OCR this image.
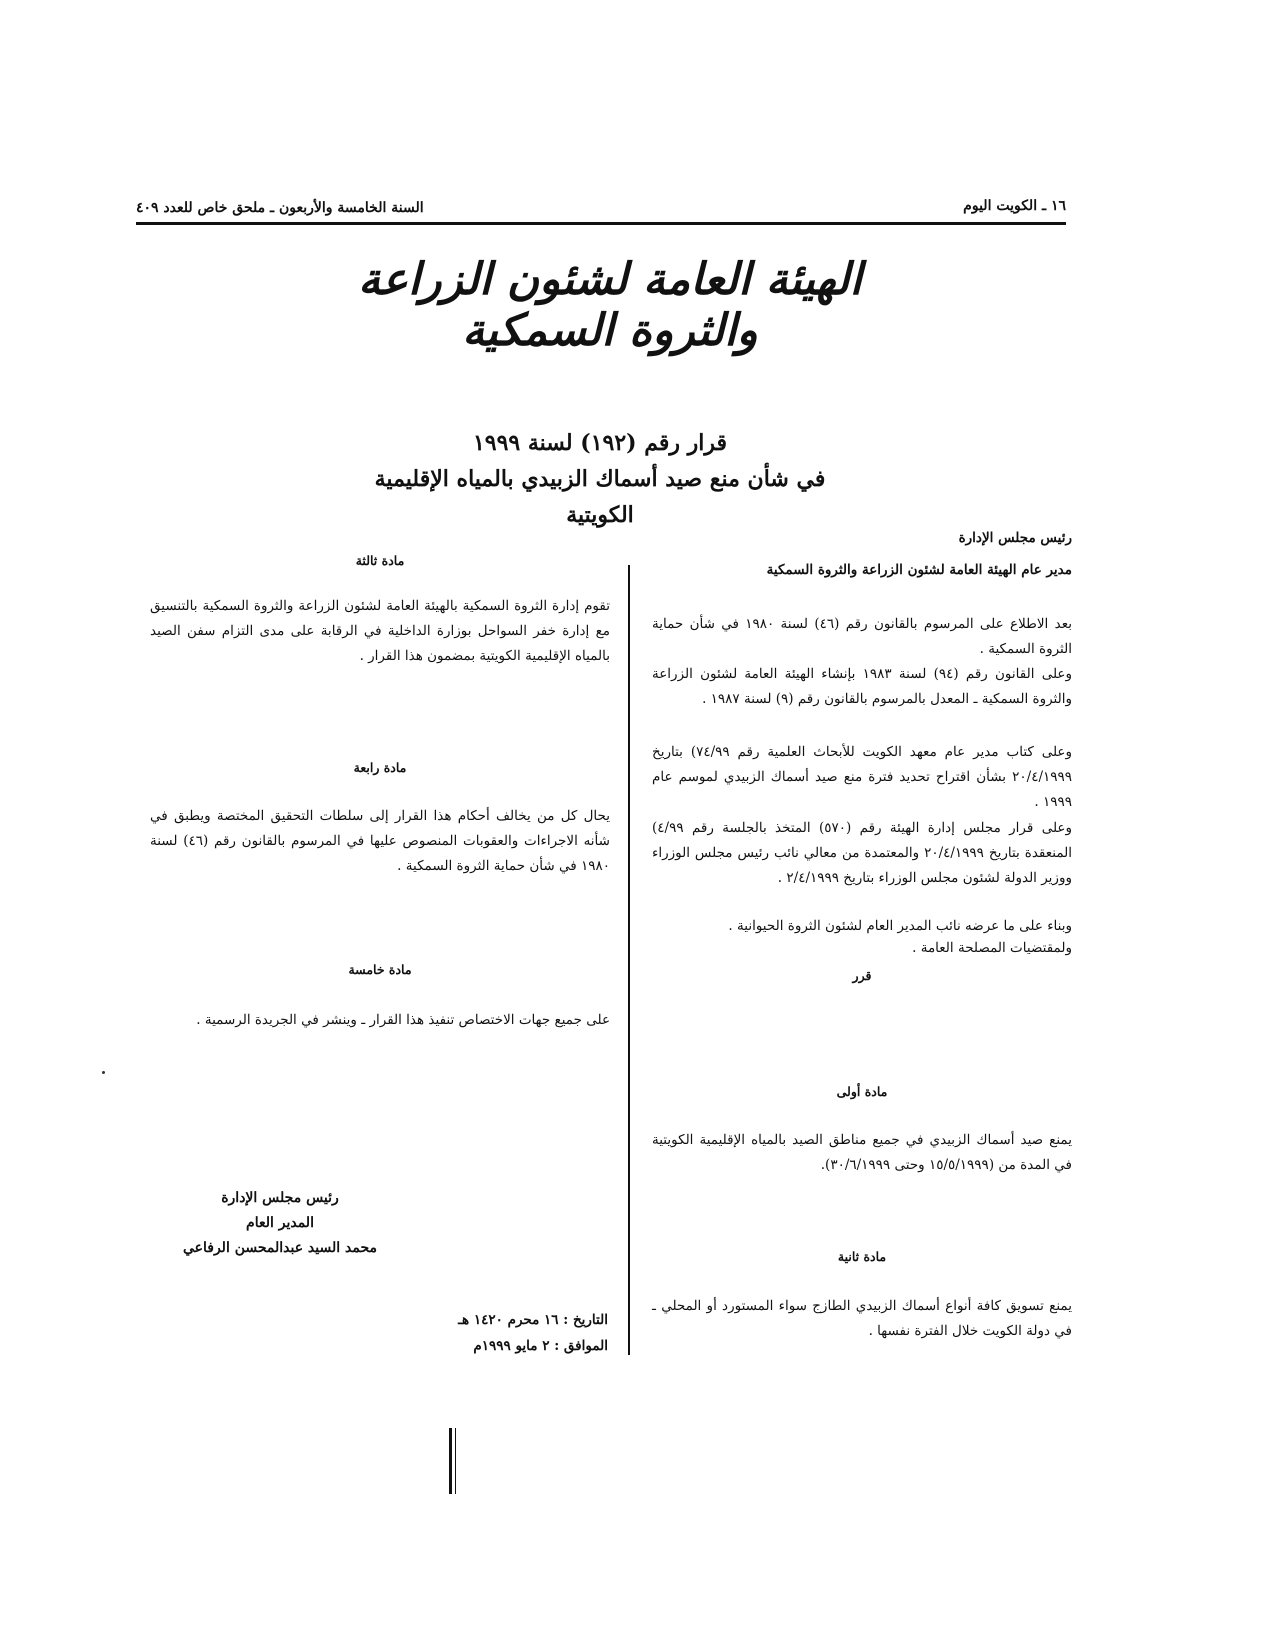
السنة الخامسة والأربعون ـ ملحق خاص للعدد ٤٠٩	١٦ ـ الكويت اليوم
الهيئة العامة لشئون الزراعة
والثروة السمكية
قرار رقم (١٩٢) لسنة ١٩٩٩
في شأن منع صيد أسماك الزبيدي بالمياه الإقليمية
الكويتية
رئيس مجلس الإدارة
مدير عام الهيئة العامة لشئون الزراعة والثروة السمكية
بعد الاطلاع على المرسوم بالقانون رقم (٤٦) لسنة ١٩٨٠ في شأن حماية الثروة السمكية .
وعلى القانون رقم (٩٤) لسنة ١٩٨٣ بإنشاء الهيئة العامة لشئون الزراعة والثروة السمكية ـ المعدل بالمرسوم بالقانون رقم (٩) لسنة ١٩٨٧ .
وعلى كتاب مدير عام معهد الكويت للأبحاث العلمية رقم ٧٤/٩٩) بتاريخ ٢٠/٤/١٩٩٩ بشأن اقتراح تحديد فترة منع صيد أسماك الزبيدي لموسم عام ١٩٩٩ .
وعلى قرار مجلس إدارة الهيئة رقم (٥٧٠) المتخذ بالجلسة رقم ٤/٩٩) المنعقدة بتاريخ ٢٠/٤/١٩٩٩ والمعتمدة من معالي نائب رئيس مجلس الوزراء ووزير الدولة لشئون مجلس الوزراء بتاريخ ٢/٤/١٩٩٩ .
وبناء على ما عرضه نائب المدير العام لشئون الثروة الحيوانية .
ولمقتضيات المصلحة العامة .
قرر
مادة أولى
يمنع صيد أسماك الزبيدي في جميع مناطق الصيد بالمياه الإقليمية الكويتية في المدة من (١٥/٥/١٩٩٩ وحتى ٣٠/٦/١٩٩٩).
مادة ثانية
يمنع تسويق كافة أنواع أسماك الزبيدي الطازج سواء المستورد أو المحلي ـ في دولة الكويت خلال الفترة نفسها .
مادة ثالثة
تقوم إدارة الثروة السمكية بالهيئة العامة لشئون الزراعة والثروة السمكية بالتنسيق مع إدارة خفر السواحل بوزارة الداخلية في الرقابة على مدى التزام سفن الصيد بالمياه الإقليمية الكويتية بمضمون هذا القرار .
مادة رابعة
يحال كل من يخالف أحكام هذا القرار إلى سلطات التحقيق المختصة ويطبق في شأنه الاجراءات والعقوبات المنصوص عليها في المرسوم بالقانون رقم (٤٦) لسنة ١٩٨٠ في شأن حماية الثروة السمكية .
مادة خامسة
على جميع جهات الاختصاص تنفيذ هذا القرار ـ وينشر في الجريدة الرسمية .
رئيس مجلس الإدارة
المدير العام
محمد السيد عبدالمحسن الرفاعي
التاريخ : ١٦ محرم ١٤٢٠ هـ
الموافق : ٢ مايو ١٩٩٩م
